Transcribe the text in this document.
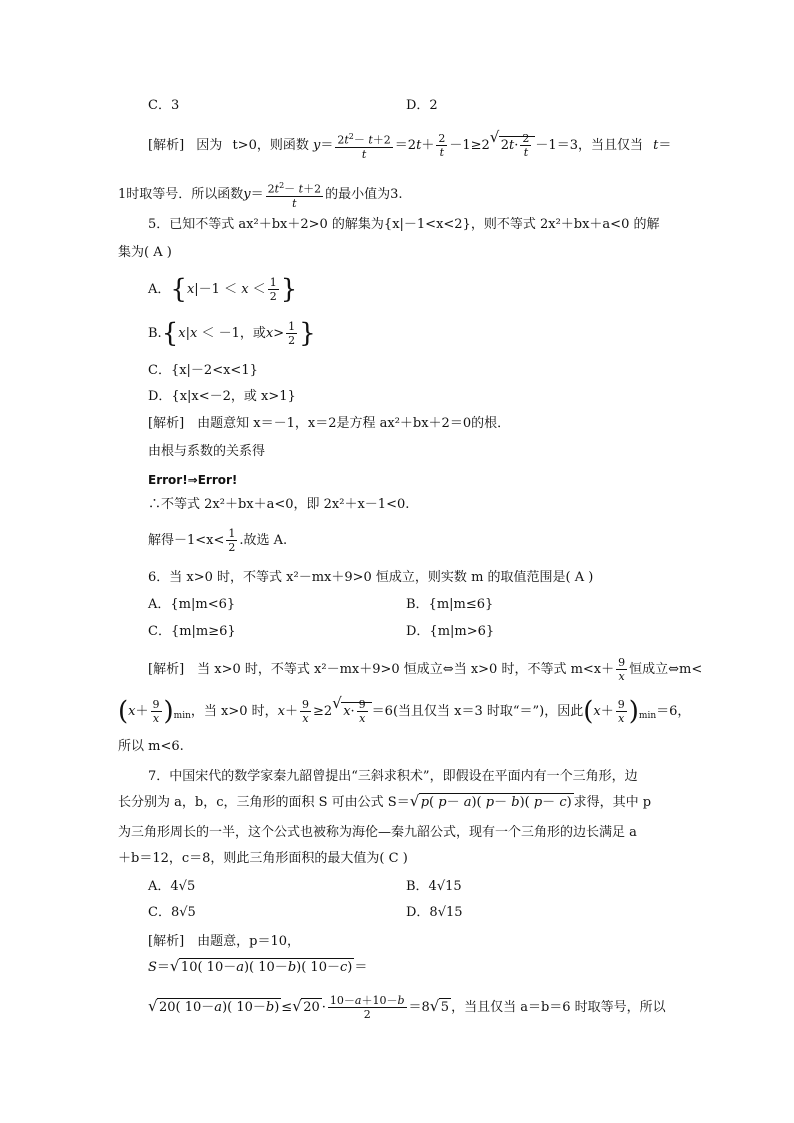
C．3	D．2
[解析] 因为 t>0，则函数 $y= \frac{2t^2- t+2}{t} =2t+ \frac{2}{t} -1\ge 2√$ $2t\cdot \frac{2}{t} -1=3$，当且仅当 t＝
1时取等号．所以函数$y= \frac{2t^2- t+2}{t}$ 的最小值为3.
5．已知不等式 ax²＋bx＋2>0 的解集为{x|－1<x<2}，则不等式 2x²＋bx＋a<0 的解
集为( A )
A．{$x|-1 < x < \frac{1}{2}$ }
B.{x|x ＜ －1，或$x> \frac{1}{2}$ }
C．{x|－2<x<1}
D．{x|x<－2，或 x>1}
[解析]　由题意知 x＝－1，x＝2是方程 ax²＋bx＋2＝0的根．
由根与系数的关系得
Error!⇒Error!
∴不等式 2x²＋bx＋a<0，即 2x²＋x－1<0.
解得$-1<x< \frac{1}{2}$ .故选 A.
6．当 x>0 时，不等式 x²－mx＋9>0 恒成立，则实数 m 的取值范围是( A )
A．{m|m<6}	B．{m|m≤6}
C．{m|m≥6}	D．{m|m>6}
[解析]　当 x>0 时，不等式 x²－mx＋9>0 恒成立⇔当 x>0 时，不等式 $m<x+ \frac{9}{x}$ 恒成立⇔m<
$(x+ \frac{9}{x} )_{min}$，当 x>0 时，$x+ \frac{9}{x} \ge 2√$ $x\cdot \frac{9}{x} =6$(当且仅当 x＝3 时取“＝”)，因此$(x+ \frac{9}{x} )_{min}=6$，
所以 m<6.
7．中国宋代的数学家秦九韶曾提出“三斜求积术”，即假设在平面内有一个三角形，边
长分别为 a，b，c，三角形的面积 S 可由公式 S＝√ p( p－ a)( p－ b)( p－ c) 求得，其中 p
为三角形周长的一半，这个公式也被称为海伦—秦九韶公式，现有一个三角形的边长满足 a
＋b＝12，c＝8，则此三角形面积的最大值为( C )
A．4√5	B．4√15
C．8√5	D．8√15
[解析]　由题意，p＝10，
S＝√ 10( 10－a)( 10－b)( 10－c) ＝
√ 20( 10－a)( 10－b) ≤√ $20 \cdot \frac{10-a+10-b}{2} =8√$ 5 ，当且仅当 a＝b＝6 时取等号，所以
